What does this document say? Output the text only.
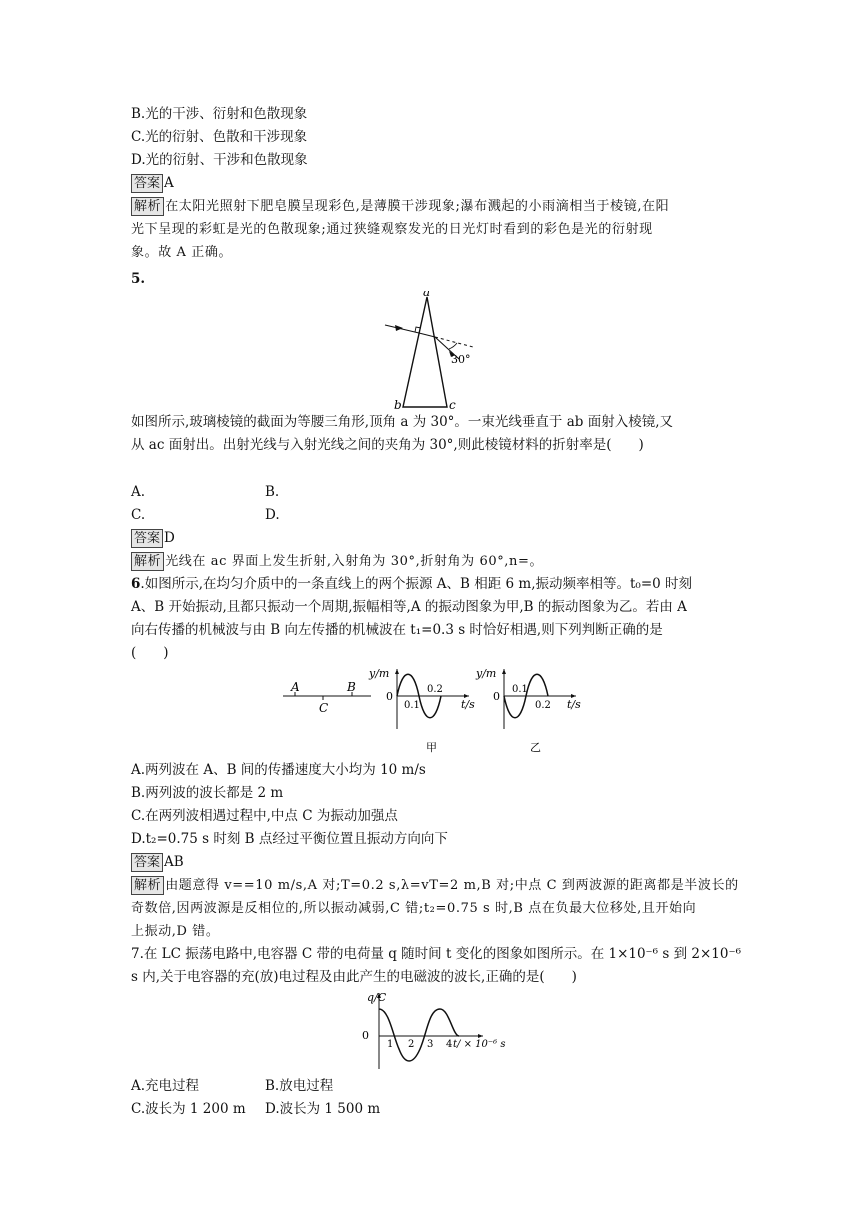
B.光的干涉、衍射和色散现象
C.光的衍射、色散和干涉现象
D.光的衍射、干涉和色散现象
答案 A
解析 在太阳光照射下肥皂膜呈现彩色,是薄膜干涉现象;瀑布溅起的小雨滴相当于棱镜,在阳
光下呈现的彩虹是光的色散现象;通过狭缝观察发光的日光灯时看到的彩色是光的衍射现
象。故 A 正确。
5.
a
b	c
30°
如图所示,玻璃棱镜的截面为等腰三角形,顶角 a 为 30°。一束光线垂直于 ab 面射入棱镜,又
从 ac 面射出。出射光线与入射光线之间的夹角为 30°,则此棱镜材料的折射率是(　　)
A.	B.
C.	D.
答案 D
解析 光线在 ac 界面上发生折射,入射角为 30°,折射角为 60°,n=。
6.如图所示,在均匀介质中的一条直线上的两个振源 A、B 相距 6 m,振动频率相等。t₀=0 时刻
A、B 开始振动,且都只振动一个周期,振幅相等,A 的振动图象为甲,B 的振动图象为乙。若由 A
向右传播的机械波与由 B 向左传播的机械波在 t₁=0.3 s 时恰好相遇,则下列判断正确的是
(　　)
A	B
C
y/m
0
0.1
0.2
t/s
甲
y/m
0
0.1
0.2 t/s
乙
A.两列波在 A、B 间的传播速度大小均为 10 m/s
B.两列波的波长都是 2 m
C.在两列波相遇过程中,中点 C 为振动加强点
D.t₂=0.75 s 时刻 B 点经过平衡位置且振动方向向下
答案 AB
解析 由题意得 v==10 m/s,A 对;T=0.2 s,λ=vT=2 m,B 对;中点 C 到两波源的距离都是半波长的
奇数倍,因两波源是反相位的,所以振动减弱,C 错;t₂=0.75 s 时,B 点在负最大位移处,且开始向
上振动,D 错。
7.在 LC 振荡电路中,电容器 C 带的电荷量 q 随时间 t 变化的图象如图所示。在 1×10⁻⁶ s 到 2×10⁻⁶
s 内,关于电容器的充(放)电过程及由此产生的电磁波的波长,正确的是(　　)
q/C
0
1 2 3 4 t/ × 10⁻⁶ s
A.充电过程	B.放电过程
C.波长为 1 200 m	D.波长为 1 500 m
